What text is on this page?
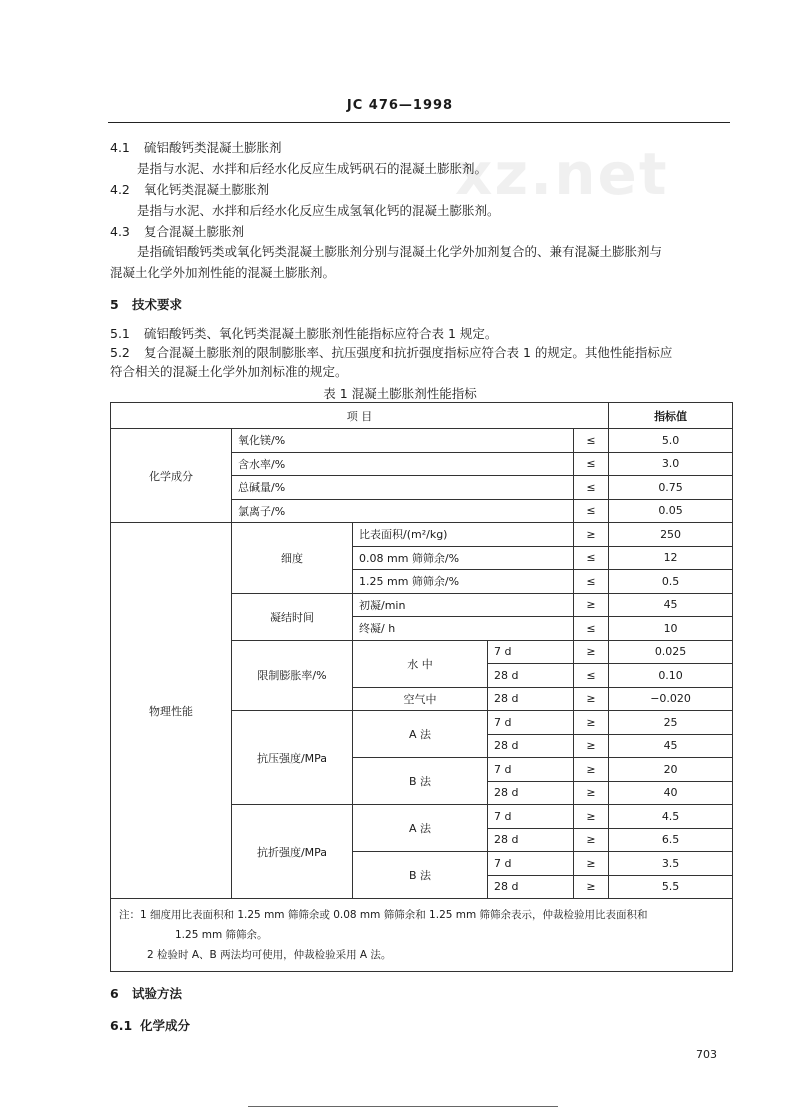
xz.net
JC 476—1998
4.1 硫铝酸钙类混凝土膨胀剂
是指与水泥、水拌和后经水化反应生成钙矾石的混凝土膨胀剂。
4.2 氧化钙类混凝土膨胀剂
是指与水泥、水拌和后经水化反应生成氢氧化钙的混凝土膨胀剂。
4.3 复合混凝土膨胀剂
是指硫铝酸钙类或氧化钙类混凝土膨胀剂分别与混凝土化学外加剂复合的、兼有混凝土膨胀剂与
混凝土化学外加剂性能的混凝土膨胀剂。
5 技术要求
5.1 硫铝酸钙类、氧化钙类混凝土膨胀剂性能指标应符合表 1 规定。
5.2 复合混凝土膨胀剂的限制膨胀率、抗压强度和抗折强度指标应符合表 1 的规定。其他性能指标应
符合相关的混凝土化学外加剂标准的规定。
表 1 混凝土膨胀剂性能指标
项 目					指标值
化学成分	氧化镁/%			≤	5.0
	含水率/%			≤	3.0
	总碱量/%			≤	0.75
	氯离子/%			≤	0.05
物理性能	细度	比表面积/(m²/kg)		≥	250
		0.08 mm 筛筛余/%		≤	12
		1.25 mm 筛筛余/%		≤	0.5
	凝结时间	初凝/min		≥	45
		终凝/ h		≤	10
	限制膨胀率/%	水 中	7 d	≥	0.025
			28 d	≤	0.10
		空气中	28 d	≥	−0.020
	抗压强度/MPa	A 法	7 d	≥	25
			28 d	≥	45
		B 法	7 d	≥	20
			28 d	≥	40
	抗折强度/MPa	A 法	7 d	≥	4.5
			28 d	≥	6.5
		B 法	7 d	≥	3.5
			28 d	≥	5.5

注：1 细度用比表面积和 1.25 mm 筛筛余或 0.08 mm 筛筛余和 1.25 mm 筛筛余表示，仲裁检验用比表面积和
1.25 mm 筛筛余。
2 检验时 A、B 两法均可使用，仲裁检验采用 A 法。					
6 试验方法
6.1 化学成分
703
